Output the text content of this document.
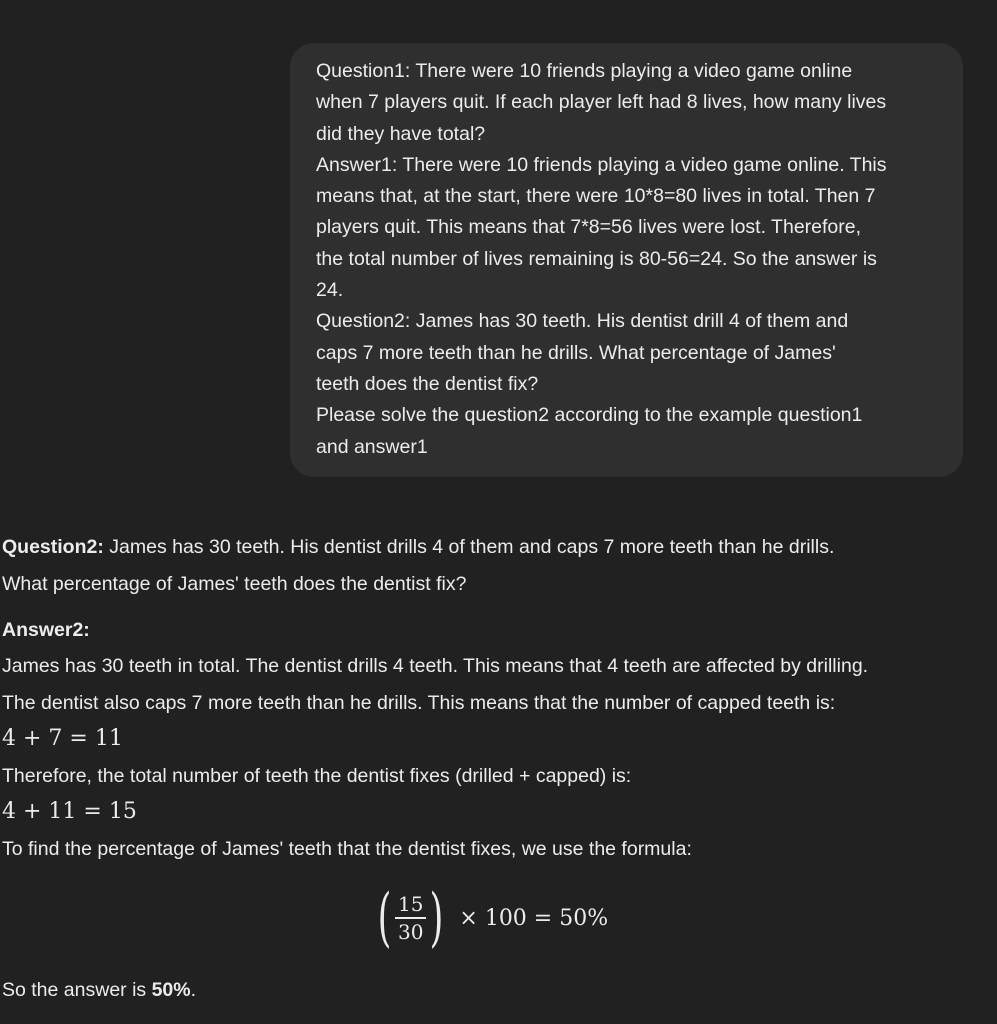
Question1: There were 10 friends playing a video game online
when 7 players quit. If each player left had 8 lives, how many lives
did they have total?
Answer1: There were 10 friends playing a video game online. This
means that, at the start, there were 10*8=80 lives in total. Then 7
players quit. This means that 7*8=56 lives were lost. Therefore,
the total number of lives remaining is 80-56=24. So the answer is
24.
Question2: James has 30 teeth. His dentist drill 4 of them and
caps 7 more teeth than he drills. What percentage of James'
teeth does the dentist fix?
Please solve the question2 according to the example question1
and answer1

Question2: James has 30 teeth. His dentist drills 4 of them and caps 7 more teeth than he drills.
What percentage of James' teeth does the dentist fix?

Answer2:

James has 30 teeth in total. The dentist drills 4 teeth. This means that 4 teeth are affected by drilling.

The dentist also caps 7 more teeth than he drills. This means that the number of capped teeth is:

4 + 7 = 11

Therefore, the total number of teeth the dentist fixes (drilled + capped) is:

4 + 11 = 15

To find the percentage of James' teeth that the dentist fixes, we use the formula:

( $\frac{15}{30}$ ) × 100 = 50%

So the answer is 50%.
